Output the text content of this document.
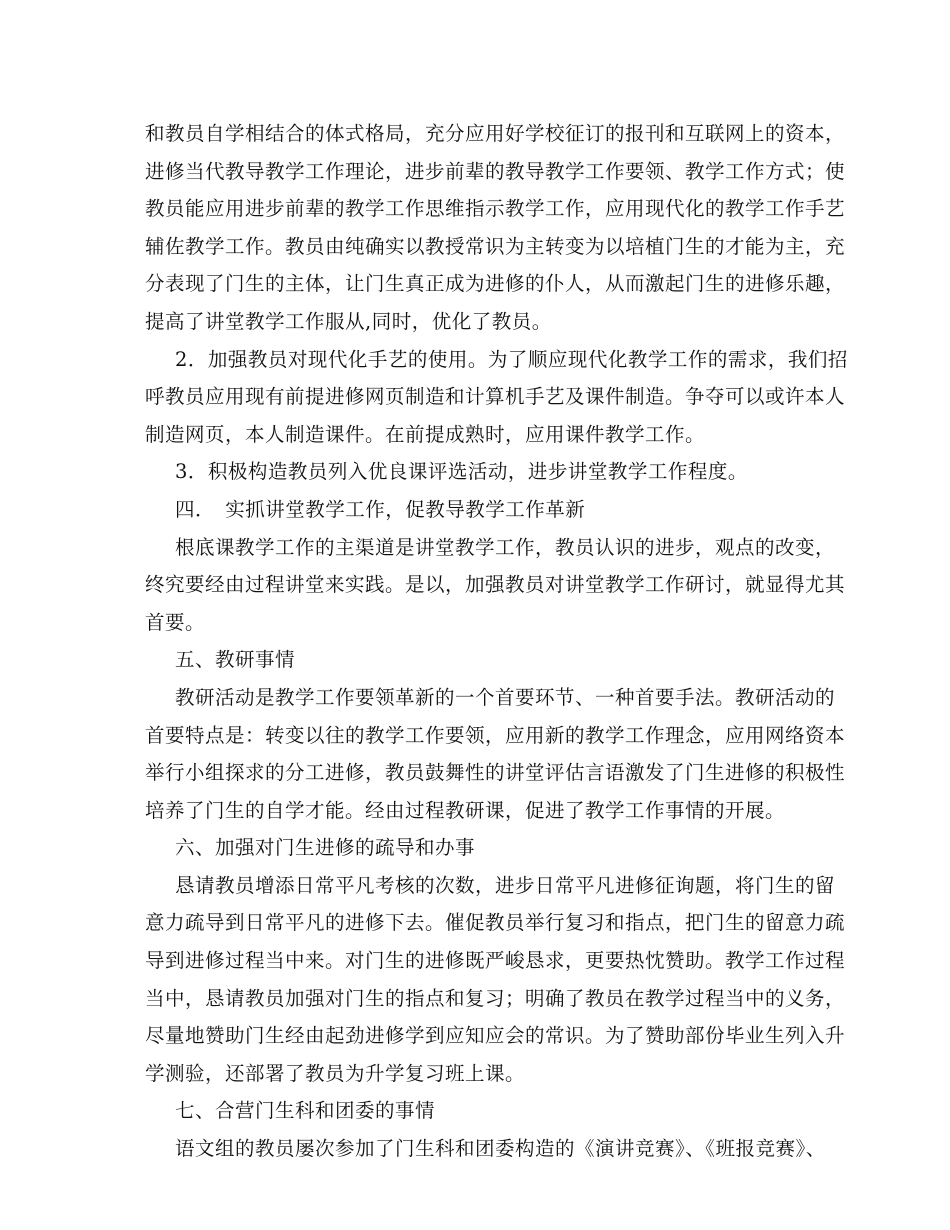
和教员自学相结合的体式格局，充分应用好学校征订的报刊和互联网上的资本，
进修当代教导教学工作理论，进步前辈的教导教学工作要领、教学工作方式；使
教员能应用进步前辈的教学工作思维指示教学工作，应用现代化的教学工作手艺
辅佐教学工作。教员由纯确实以教授常识为主转变为以培植门生的才能为主，充
分表现了门生的主体，让门生真正成为进修的仆人，从而激起门生的进修乐趣，
提高了讲堂教学工作服从,同时，优化了教员。
2．加强教员对现代化手艺的使用。为了顺应现代化教学工作的需求，我们招
呼教员应用现有前提进修网页制造和计算机手艺及课件制造。争夺可以或许本人
制造网页，本人制造课件。在前提成熟时，应用课件教学工作。
3．积极构造教员列入优良课评选活动，进步讲堂教学工作程度。
四．　实抓讲堂教学工作，促教导教学工作革新
根底课教学工作的主渠道是讲堂教学工作，教员认识的进步，观点的改变，
终究要经由过程讲堂来实践。是以，加强教员对讲堂教学工作研讨，就显得尤其
首要。
五、教研事情
教研活动是教学工作要领革新的一个首要环节、一种首要手法。教研活动的
首要特点是：转变以往的教学工作要领，应用新的教学工作理念，应用网络资本
举行小组探求的分工进修，教员鼓舞性的讲堂评估言语激发了门生进修的积极性
培养了门生的自学才能。经由过程教研课，促进了教学工作事情的开展。
六、加强对门生进修的疏导和办事
恳请教员增添日常平凡考核的次数，进步日常平凡进修征询题，将门生的留
意力疏导到日常平凡的进修下去。催促教员举行复习和指点，把门生的留意力疏
导到进修过程当中来。对门生的进修既严峻恳求，更要热忱赞助。教学工作过程
当中，恳请教员加强对门生的指点和复习；明确了教员在教学过程当中的义务，
尽量地赞助门生经由起劲进修学到应知应会的常识。为了赞助部份毕业生列入升
学测验，还部署了教员为升学复习班上课。
七、合营门生科和团委的事情
语文组的教员屡次参加了门生科和团委构造的《演讲竞赛》、《班报竞赛》、
